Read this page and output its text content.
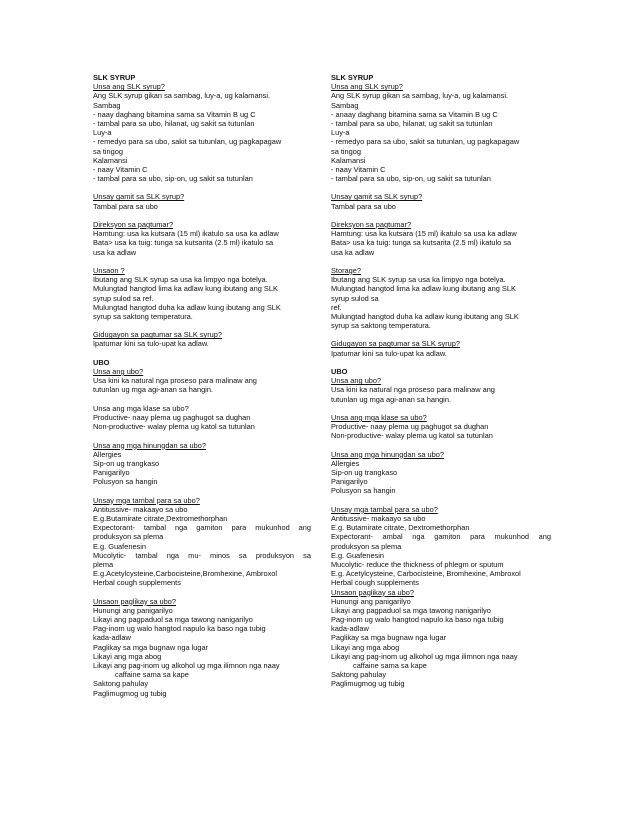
SLK SYRUP
Unsa ang SLK syrup?
Ang SLK syrup gikan sa sambag, luy-a, ug kalamansi.
Sambag
- naay daghang bitamina sama sa Vitamin B ug C
- tambal para sa ubo, hilanat, ug sakit sa tutunlan
Luy-a
- remedyo para sa ubo, sakit sa tutunlan, ug pagkapagaw
sa tingog
Kalamansi
- naay Vitamin C
- tambal para sa ubo, sip-on, ug sakit sa tutunlan
Unsay gamit sa SLK syrup?
Tambal para sa ubo
Direksyon sa pagtumar?
Hamtung: usa ka kutsara (15 ml) ikatulo sa usa ka adlaw
Bata> usa ka tuig: tunga sa kutsarita (2.5 ml) ikatulo sa
usa ka adlaw
Unsaon ?
Ibutang ang SLK syrup sa usa ka limpyo nga botelya.
Mulungtad hangtod lima ka adlaw kung ibutang ang SLK
syrup sulod sa ref.
Mulungtad hangtod duha ka adlaw kung ibutang ang SLK
syrup sa saktong temperatura.
Gidugayon sa pagtumar sa SLK syrup?
Ipatumar kini sa tulo-upat ka adlaw.
UBO
Unsa ang ubo?
Usa kini ka natural nga proseso para malinaw ang
tutunlan ug mga agi-anan sa hangin.
Unsa ang mga klase sa ubo?
Productive- naay plema ug paghugot sa dughan
Non-productive- walay plema ug katol sa tutunlan
Unsa ang mga hinungdan sa ubo?
Allergies
Sip-on ug trangkaso
Panigarilyo
Polusyon sa hangin
Unsay mga tambal para sa ubo?
Antitussive- makaayo sa ubo
E.g.Butamirate citrate,Dextromethorphan
Expectorant- tambal nga gamiton para mukunhod ang
produksyon sa plema
E.g. Guafenesin
Mucolytic- tambal nga mu- minos sa produksyon sa
plema
E.g.Acetylcysteine,Carbocisteine,Bromhexine, Ambroxol
Herbal cough supplements
Unsaon paglikay sa ubo?
Hunungi ang panigarilyo
Likayi ang pagpaduol sa mga tawong nanigarilyo
Pag-inom ug walo hangtod napulo ka baso nga tubig
kada-adlaw
Paglikay sa mga bugnaw nga lugar
Likayi ang mga abog
Likayi ang pag-inom ug alkohol ug mga ilimnon nga naay
caffaine sama sa kape
Saktong pahulay
Paglimugmog ug tubig
SLK SYRUP
Unsa ang SLK syrup?
Ang SLK syrup gikan sa sambag, luy-a, ug kalamansi.
Sambag
- anaay daghang bitamina sama sa Vitamin B ug C
- tambal para sa ubo, hilanat, ug sakit sa tutunlan
Luy-a
- remedyo para sa ubo, sakit sa tutunlan, ug pagkapagaw
sa tingog
Kalamansi
- naay Vitamin C
- tambal para sa ubo, sip-on, ug sakit sa tutunlan
Unsay gamit sa SLK syrup?
Tambal para sa ubo
Direksyon sa pagtumar?
Hamtung: usa ka kutsara (15 ml) ikatulo sa usa ka adlaw
Bata> usa ka tuig: tunga sa kutsarita (2.5 ml) ikatulo sa
usa ka adlaw
Storage?
Ibutang ang SLK syrup sa usa ka limpyo nga botelya.
Mulungtad hangtod lima ka adlaw kung ibutang ang SLK
syrup sulod sa
ref.
Mulungtad hangtod duha ka adlaw kung ibutang ang SLK
syrup sa saktong temperatura.
Gidugayon sa pagtumar sa SLK syrup?
Ipatumar kini sa tulo-upat ka adlaw.
UBO
Unsa ang ubo?
Usa kini ka natural nga proseso para malinaw ang
tutunlan ug mga agi-anan sa hangin.
Unsa ang mga klase sa ubo?
Productive- naay plema ug paghugot sa dughan
Non-productive- walay plema ug katol sa tutunlan
Unsa ang mga hinungdan sa ubo?
Allergies
Sip-on ug trangkaso
Panigarilyo
Polusyon sa hangin
Unsay mga tambal para sa ubo?
Antitussive- makaayo sa ubo
E.g. Butamirate citrate, Dextromethorphan
Expectorant- ambal nga gamiton para mukunhod ang
produksyon sa plema
E.g. Guafenesin
Mucolytic- reduce the thickness of phlegm or sputum
E.g. Acetylcysteine, Carbocisteine, Bromhexine, Ambroxol
Herbal cough supplements
Unsaon paglikay sa ubo?
Hunungi ang panigarilyo
Likayi ang pagpaduol sa mga tawong nanigarilyo
Pag-inom ug walo hangtod napulo ka baso nga tubig
kada-adlaw
Paglikay sa mga bugnaw nga lugar
Likayi ang mga abog
Likayi ang pag-inom ug alkohol ug mga ilimnon nga naay
caffaine sama sa kape
Saktong pahulay
Paglimugmog ug tubig
